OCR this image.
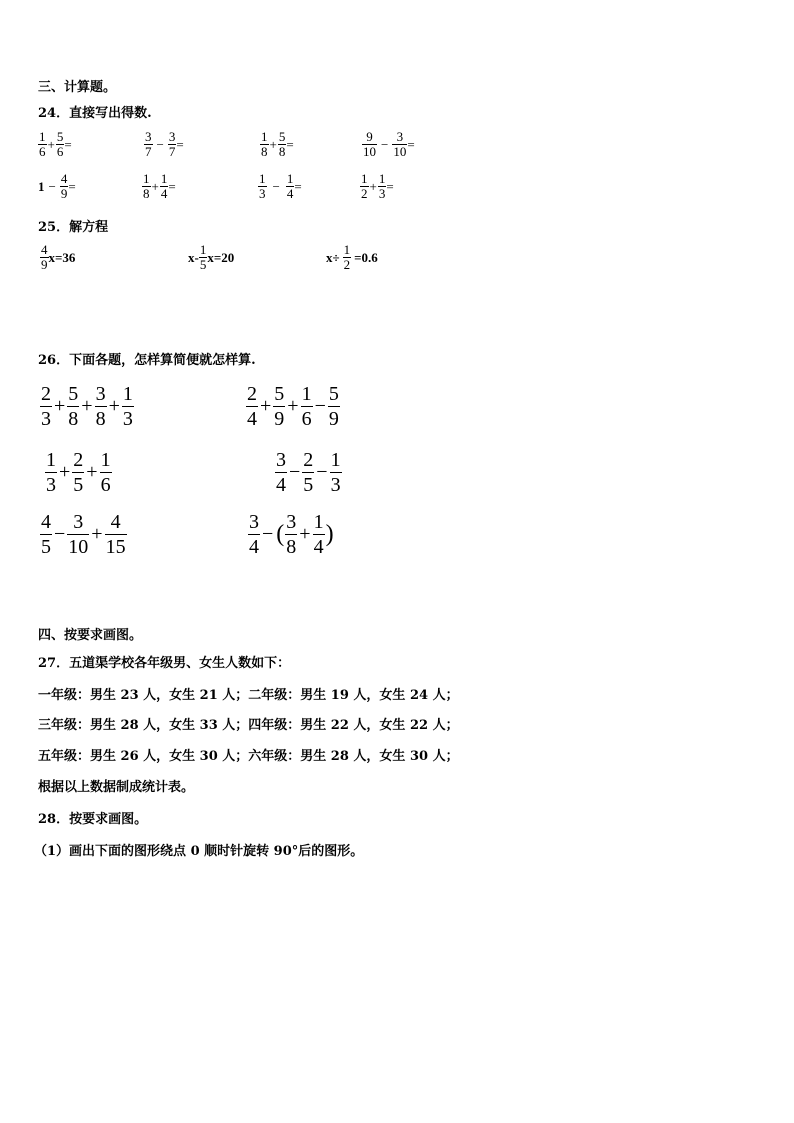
三、计算题。
24．直接写出得数.
$\frac{1}{6} + \frac{5}{6}$ =	$\frac{3}{7} - \frac{3}{7}$ =	$\frac{1}{8} + \frac{5}{8}$ =	$\frac{9}{10} - \frac{3}{10}$ =
$1 - \frac{4}{9}$ =	$\frac{1}{8} + \frac{1}{4}$ =	$\frac{1}{3} - \frac{1}{4}$ =	$\frac{1}{2} + \frac{1}{3}$ =
25．解方程
$\frac{4}{9} x=36$	$x- \frac{1}{5} x=20$	$x\div \frac{1}{2} =0.6$
26．下面各题，怎样算简便就怎样算.
$\frac{2}{3} + \frac{5}{8} + \frac{3}{8} + \frac{1}{3}$	$\frac{2}{4} + \frac{5}{9} + \frac{1}{6} - \frac{5}{9}$
$\frac{1}{3} + \frac{2}{5} + \frac{1}{6}$	$\frac{3}{4} - \frac{2}{5} - \frac{1}{3}$
$\frac{4}{5} - \frac{3}{10} + \frac{4}{15}$	$\frac{3}{4}$ − ( $\frac{3}{8} + \frac{1}{4}$ )
四、按要求画图。
27．五道渠学校各年级男、女生人数如下：
一年级：男生 23 人，女生 21 人；二年级：男生 19 人，女生 24 人；
三年级：男生 28 人，女生 33 人；四年级：男生 22 人，女生 22 人；
五年级：男生 26 人，女生 30 人；六年级：男生 28 人，女生 30 人；
根据以上数据制成统计表。
28．按要求画图。
（1）画出下面的图形绕点 0 顺时针旋转 90°后的图形。
